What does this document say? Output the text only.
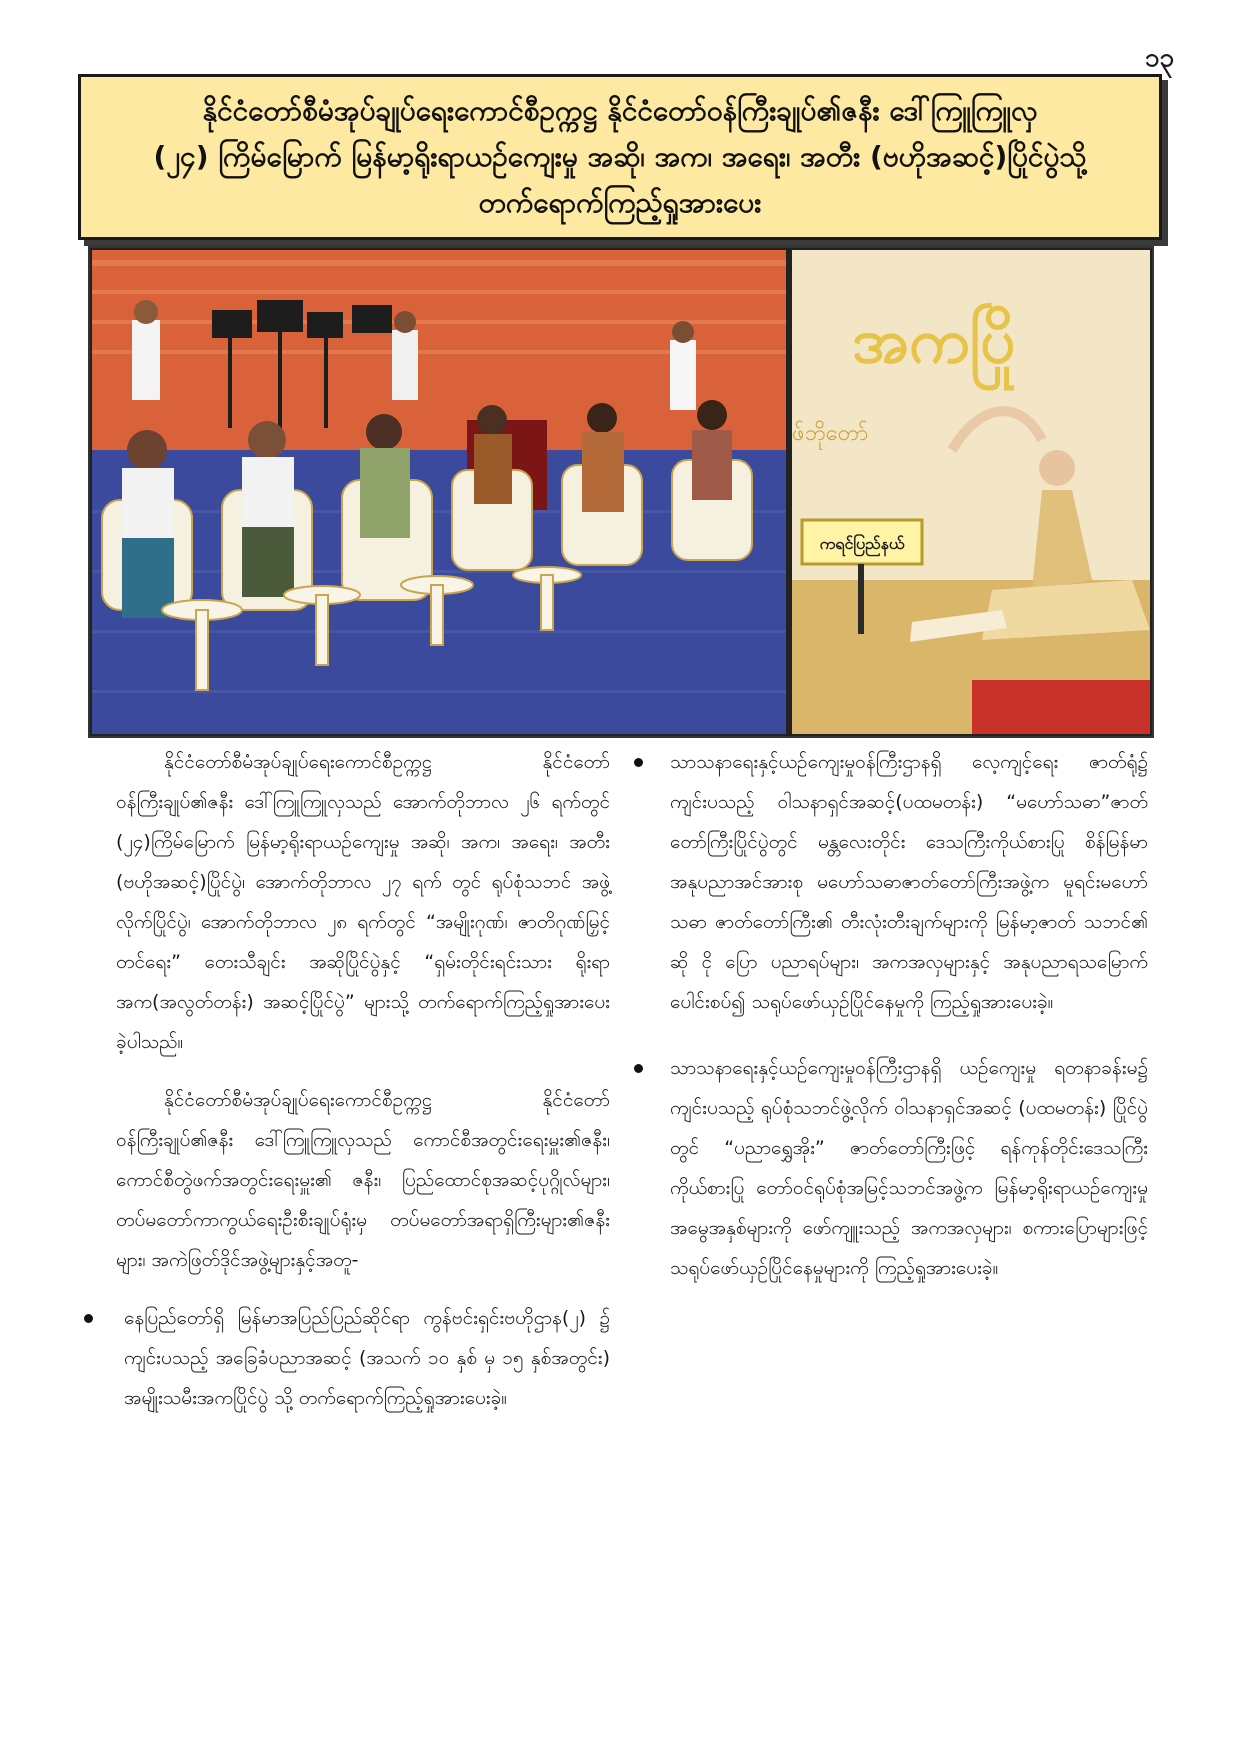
၁၃
နိုင်ငံတော်စီမံအုပ်ချုပ်ရေးကောင်စီဥက္ကဋ္ဌ နိုင်ငံတော်ဝန်ကြီးချုပ်၏ဇနီး ဒေါ်ကြူကြူလှ
(၂၄) ကြိမ်မြောက် မြန်မာ့ရိုးရာယဉ်ကျေးမှု အဆို၊ အက၊ အရေး၊ အတီး (ဗဟိုအဆင့်)ပြိုင်ပွဲသို့
တက်ရောက်ကြည့်ရှုအားပေး
အကပြို
ဖ်ဘိုတော်
ကရင်ပြည်နယ်

နိုင်ငံတော်စီမံအုပ်ချုပ်ရေးကောင်စီဥက္ကဋ္ဌ နိုင်ငံတော်ဝန်ကြီးချုပ်၏ဇနီး ဒေါ်ကြူကြူလှသည် အောက်တိုဘာလ ၂၆ ရက်တွင် (၂၄)ကြိမ်မြောက် မြန်မာ့ရိုးရာယဉ်ကျေးမှု အဆို၊ အက၊ အရေး၊ အတီး (ဗဟိုအဆင့်)ပြိုင်ပွဲ၊ အောက်တိုဘာလ ၂၇ ရက် တွင် ရုပ်စုံသဘင် အဖွဲ့လိုက်ပြိုင်ပွဲ၊ အောက်တိုဘာလ ၂၈ ရက်တွင် “အမျိုးဂုဏ်၊ ဇာတိဂုဏ်မြှင့်တင်ရေး” တေးသီချင်း အဆိုပြိုင်ပွဲနှင့် “ရှမ်းတိုင်းရင်းသား ရိုးရာအက(အလွတ်တန်း) အဆင့်ပြိုင်ပွဲ” များသို့ တက်ရောက်ကြည့်ရှုအားပေးခဲ့ပါသည်။

နိုင်ငံတော်စီမံအုပ်ချုပ်ရေးကောင်စီဥက္ကဋ္ဌ နိုင်ငံတော်ဝန်ကြီးချုပ်၏ဇနီး ဒေါ်ကြူကြူလှသည် ကောင်စီအတွင်းရေးမှူး၏ဇနီး၊ ကောင်စီတွဲဖက်အတွင်းရေးမှူး၏ ဇနီး၊ ပြည်ထောင်စုအဆင့်ပုဂ္ဂိုလ်များ၊ တပ်မတော်ကာကွယ်ရေးဦးစီးချုပ်ရုံးမှ တပ်မတော်အရာရှိကြီးများ၏ဇနီးများ၊ အကဲဖြတ်ဒိုင်အဖွဲ့များနှင့်အတူ-

နေပြည်တော်ရှိ မြန်မာအပြည်ပြည်ဆိုင်ရာ ကွန်ဗင်းရှင်းဗဟိုဌာန(၂) ၌ ကျင်းပသည့် အခြေခံပညာအဆင့် (အသက် ၁၀ နှစ် မှ ၁၅ နှစ်အတွင်း) အမျိုးသမီးအကပြိုင်ပွဲ သို့ တက်ရောက်ကြည့်ရှုအားပေးခဲ့။

သာသနာရေးနှင့်ယဉ်ကျေးမှုဝန်ကြီးဌာနရှိ လေ့ကျင့်ရေး ဇာတ်ရုံ၌ ကျင်းပသည့် ဝါသနာရှင်အဆင့်(ပထမတန်း) “မဟော်သဓာ”ဇာတ်တော်ကြီးပြိုင်ပွဲတွင် မန္တလေးတိုင်း ဒေသကြီးကိုယ်စားပြု စိန်မြန်မာအနုပညာအင်အားစု မဟော်သဓာဇာတ်တော်ကြီးအဖွဲ့က မူရင်းမဟော်သဓာ ဇာတ်တော်ကြီး၏ တီးလုံးတီးချက်များကို မြန်မာ့ဇာတ် သဘင်၏ ဆို ငို ပြော ပညာရပ်များ၊ အကအလှများနှင့် အနုပညာရသမြောက်ပေါင်းစပ်၍ သရုပ်ဖော်ယှဉ်ပြိုင်နေမှုကို ကြည့်ရှုအားပေးခဲ့။

သာသနာရေးနှင့်ယဉ်ကျေးမှုဝန်ကြီးဌာနရှိ ယဉ်ကျေးမှု ရတနာခန်းမ၌ ကျင်းပသည့် ရုပ်စုံသဘင်ဖွဲ့လိုက် ဝါသနာရှင်အဆင့် (ပထမတန်း) ပြိုင်ပွဲတွင် “ပညာရွှေအိုး” ဇာတ်တော်ကြီးဖြင့် ရန်ကုန်တိုင်းဒေသကြီးကိုယ်စားပြု တော်ဝင်ရုပ်စုံအမြင့်သဘင်အဖွဲ့က မြန်မာ့ရိုးရာယဉ်ကျေးမှု အမွေအနှစ်များကို ဖော်ကျူးသည့် အကအလှများ၊ စကားပြောများဖြင့် သရုပ်ဖော်ယှဉ်ပြိုင်နေမှုများကို ကြည့်ရှုအားပေးခဲ့။
